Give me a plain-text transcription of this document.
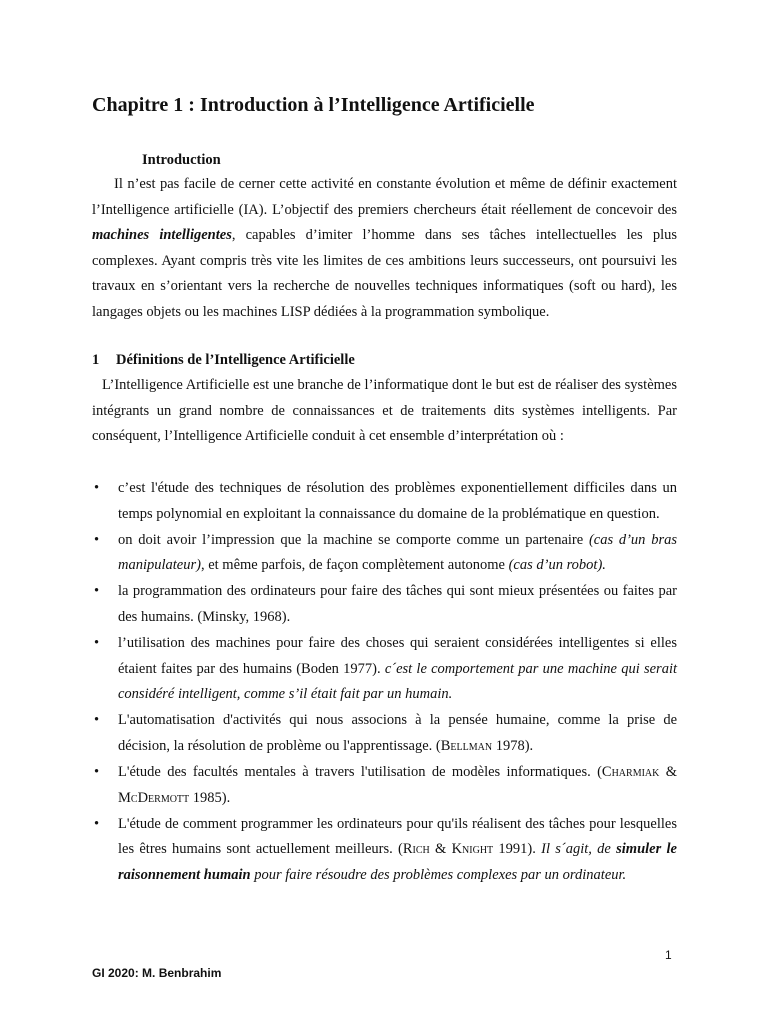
Chapitre 1 : Introduction à l’Intelligence Artificielle
Introduction

Il n’est pas facile de cerner cette activité en constante évolution et même de définir exactement l’Intelligence artificielle (IA). L’objectif des premiers chercheurs était réellement de concevoir des machines intelligentes, capables d’imiter l’homme dans ses tâches intellectuelles les plus complexes. Ayant compris très vite les limites de ces ambitions leurs successeurs, ont poursuivi les travaux en s’orientant vers la recherche de nouvelles techniques informatiques (soft ou hard), les langages objets ou les machines LISP dédiées à la programmation symbolique.

1 Définitions de l’Intelligence Artificielle

L’Intelligence Artificielle est une branche de l’informatique dont le but est de réaliser des systèmes intégrants un grand nombre de connaissances et de traitements dits systèmes intelligents. Par conséquent, l’Intelligence Artificielle conduit à cet ensemble d’interprétation où :

•	c’est l'étude des techniques de résolution des problèmes exponentiellement difficiles dans un temps polynomial en exploitant la connaissance du domaine de la problématique en question.
•	on doit avoir l’impression que la machine se comporte comme un partenaire (cas d’un bras manipulateur), et même parfois, de façon complètement autonome (cas d’un robot).
•	la programmation des ordinateurs pour faire des tâches qui sont mieux présentées ou faites par des humains. (Minsky, 1968).
•	l’utilisation des machines pour faire des choses qui seraient considérées intelligentes si elles étaient faites par des humains (Boden 1977). c´est le comportement par une machine qui serait considéré intelligent, comme s’il était fait par un humain.
•	L'automatisation d'activités qui nous associons à la pensée humaine, comme la prise de décision, la résolution de problème ou l'apprentissage. (Bellman 1978).
•	L'étude des facultés mentales à travers l'utilisation de modèles informatiques. (Charmiak & McDermott 1985).
•	L'étude de comment programmer les ordinateurs pour qu'ils réalisent des tâches pour lesquelles les êtres humains sont actuellement meilleurs. (Rich & Knight 1991). Il s´agit, de simuler le raisonnement humain pour faire résoudre des problèmes complexes par un ordinateur.

1

GI 2020: M. Benbrahim
